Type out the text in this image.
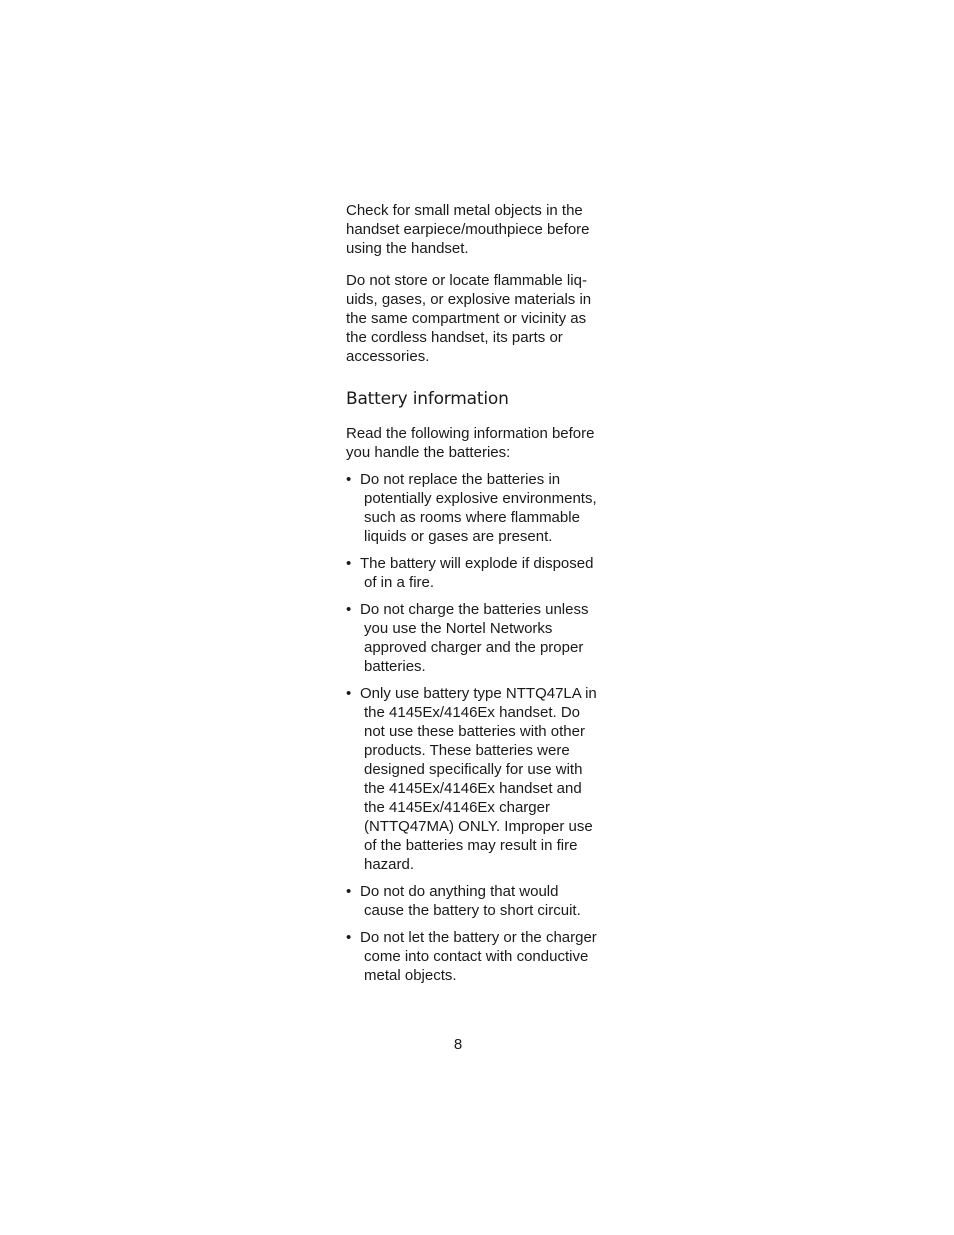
Check for small metal objects in the
handset earpiece/mouthpiece before
using the handset.

Do not store or locate flammable liq-
uids, gases, or explosive materials in
the same compartment or vicinity as
the cordless handset, its parts or
accessories.

Battery information

Read the following information before
you handle the batteries:

• Do not replace the batteries in
potentially explosive environments,
such as rooms where flammable
liquids or gases are present.
• The battery will explode if disposed
of in a fire.
• Do not charge the batteries unless
you use the Nortel Networks
approved charger and the proper
batteries.
• Only use battery type NTTQ47LA in
the 4145Ex/4146Ex handset. Do
not use these batteries with other
products. These batteries were
designed specifically for use with
the 4145Ex/4146Ex handset and
the 4145Ex/4146Ex charger
(NTTQ47MA) ONLY. Improper use
of the batteries may result in fire
hazard.
• Do not do anything that would
cause the battery to short circuit.
• Do not let the battery or the charger
come into contact with conductive
metal objects.
8
